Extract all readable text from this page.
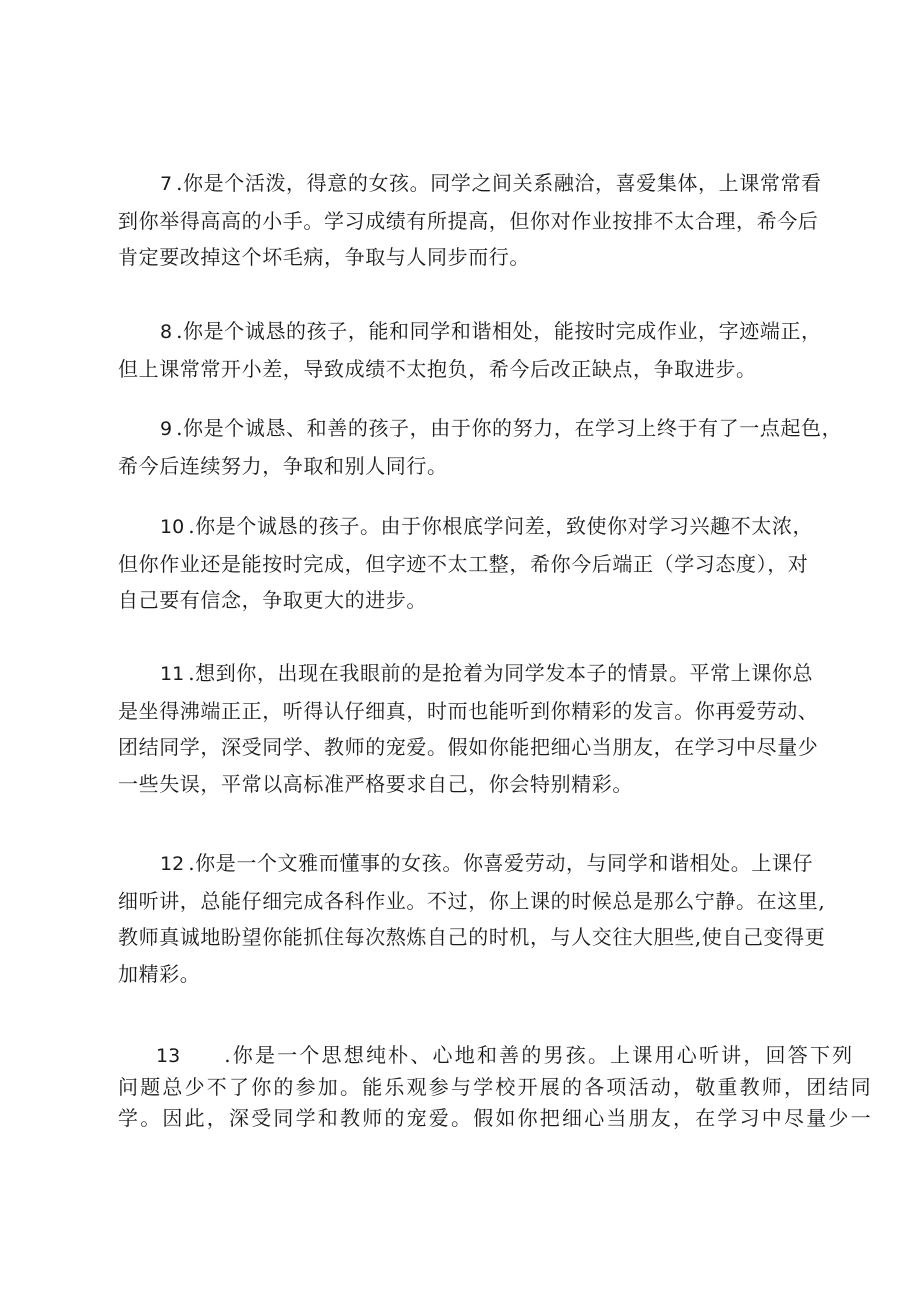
7 .你是个活泼，得意的女孩。同学之间关系融洽，喜爱集体，上课常常看
到你举得高高的小手。学习成绩有所提高，但你对作业按排不太合理，希今后
肯定要改掉这个坏毛病，争取与人同步而行。

8 .你是个诚恳的孩子，能和同学和谐相处，能按时完成作业，字迹端正，
但上课常常开小差，导致成绩不太抱负，希今后改正缺点，争取进步。

9 .你是个诚恳、和善的孩子，由于你的努力，在学习上终于有了一点起色，
希今后连续努力，争取和别人同行。

10 .你是个诚恳的孩子。由于你根底学问差，致使你对学习兴趣不太浓，
但你作业还是能按时完成，但字迹不太工整，希你今后端正（学习态度），对
自己要有信念，争取更大的进步。

11 .想到你，出现在我眼前的是抢着为同学发本子的情景。平常上课你总
是坐得沸端正正，听得认仔细真，时而也能听到你精彩的发言。你再爱劳动、
团结同学，深受同学、教师的宠爱。假如你能把细心当朋友，在学习中尽量少
一些失误，平常以高标准严格要求自己，你会特别精彩。

12 .你是一个文雅而懂事的女孩。你喜爱劳动，与同学和谐相处。上课仔
细听讲，总能仔细完成各科作业。不过，你上课的时候总是那么宁静。在这里,
教师真诚地盼望你能抓住每次熬炼自己的时机，与人交往大胆些,使自己变得更
加精彩。

13 .你是一个思想纯朴、心地和善的男孩。上课用心听讲，回答下列
问题总少不了你的参加。能乐观参与学校开展的各项活动，敬重教师，团结同
学。因此，深受同学和教师的宠爱。假如你把细心当朋友，在学习中尽量少一
